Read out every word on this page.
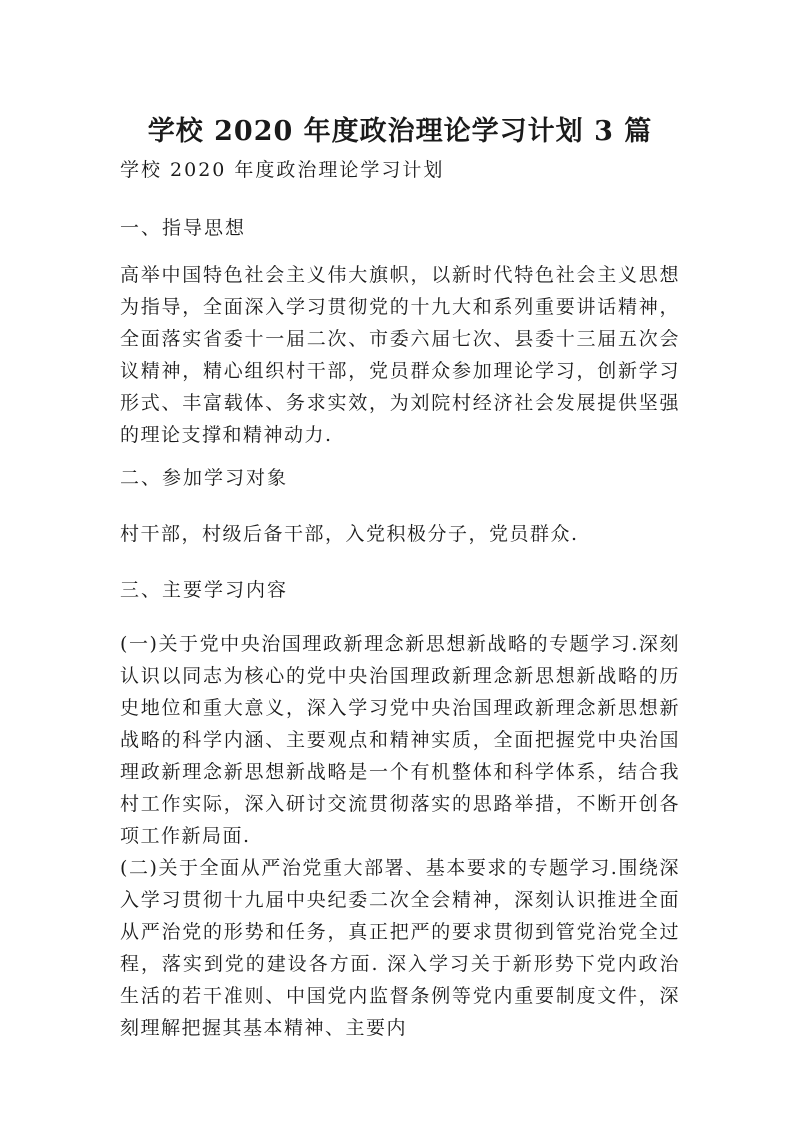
学校 2020 年度政治理论学习计划 3 篇

学校 2020 年度政治理论学习计划

一、指导思想

高举中国特色社会主义伟大旗帜，以新时代特色社会主义思想为指导，全面深入学习贯彻党的十九大和系列重要讲话精神，全面落实省委十一届二次、市委六届七次、县委十三届五次会议精神，精心组织村干部，党员群众参加理论学习，创新学习形式、丰富载体、务求实效，为刘院村经济社会发展提供坚强的理论支撑和精神动力.

二、参加学习对象

村干部，村级后备干部，入党积极分子，党员群众.

三、主要学习内容

(一)关于党中央治国理政新理念新思想新战略的专题学习.深刻认识以同志为核心的党中央治国理政新理念新思想新战略的历史地位和重大意义，深入学习党中央治国理政新理念新思想新战略的科学内涵、主要观点和精神实质，全面把握党中央治国理政新理念新思想新战略是一个有机整体和科学体系，结合我村工作实际，深入研讨交流贯彻落实的思路举措，不断开创各项工作新局面.

(二)关于全面从严治党重大部署、基本要求的专题学习.围绕深入学习贯彻十九届中央纪委二次全会精神，深刻认识推进全面从严治党的形势和任务，真正把严的要求贯彻到管党治党全过程，落实到党的建设各方面. 深入学习关于新形势下党内政治生活的若干准则、中国党内监督条例等党内重要制度文件，深刻理解把握其基本精神、主要内
